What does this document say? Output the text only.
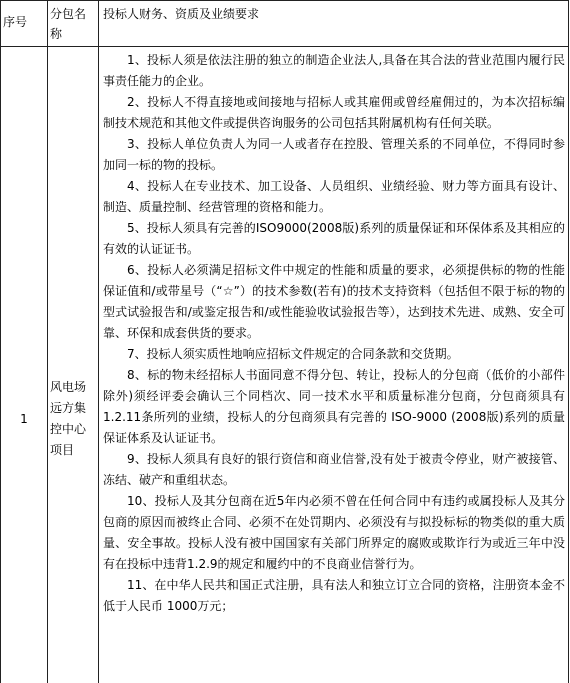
序号
分包名称
投标人财务、资质及业绩要求
1
风电场远方集控中心项目

1、投标人须是依法注册的独立的制造企业法人,具备在其合法的营业范围内履行民事责任能力的企业。

2、投标人不得直接地或间接地与招标人或其雇佣或曾经雇佣过的，为本次招标编制技术规范和其他文件或提供咨询服务的公司包括其附属机构有任何关联。

3、投标人单位负责人为同一人或者存在控股、管理关系的不同单位，不得同时参加同一标的物的投标。

4、投标人在专业技术、加工设备、人员组织、业绩经验、财力等方面具有设计、制造、质量控制、经营管理的资格和能力。

5、投标人须具有完善的ISO9000(2008版)系列的质量保证和环保体系及其相应的有效的认证证书。

6、投标人必须满足招标文件中规定的性能和质量的要求，必须提供标的物的性能保证值和/或带星号（“☆”）的技术参数(若有)的技术支持资料（包括但不限于标的物的型式试验报告和/或鉴定报告和/或性能验收试验报告等），达到技术先进、成熟、安全可靠、环保和成套供货的要求。

7、投标人须实质性地响应招标文件规定的合同条款和交货期。

8、标的物未经招标人书面同意不得分包、转让，投标人的分包商（低价的小部件除外)须经评委会确认三个同档次、同一技术水平和质量标准分包商，分包商须具有1.2.11条所列的业绩，投标人的分包商须具有完善的 ISO-9000 (2008版)系列的质量保证体系及认证证书。

9、投标人须具有良好的银行资信和商业信誉,没有处于被责令停业，财产被接管、冻结、破产和重组状态。

10、投标人及其分包商在近5年内必须不曾在任何合同中有违约或属投标人及其分包商的原因而被终止合同、必须不在处罚期内、必须没有与拟投标标的物类似的重大质量、安全事故。投标人没有被中国国家有关部门所界定的腐败或欺诈行为或近三年中没有在投标中违背1.2.9的规定和履约中的不良商业信誉行为。

11、在中华人民共和国正式注册，具有法人和独立订立合同的资格，注册资本金不低于人民币 1000万元；
